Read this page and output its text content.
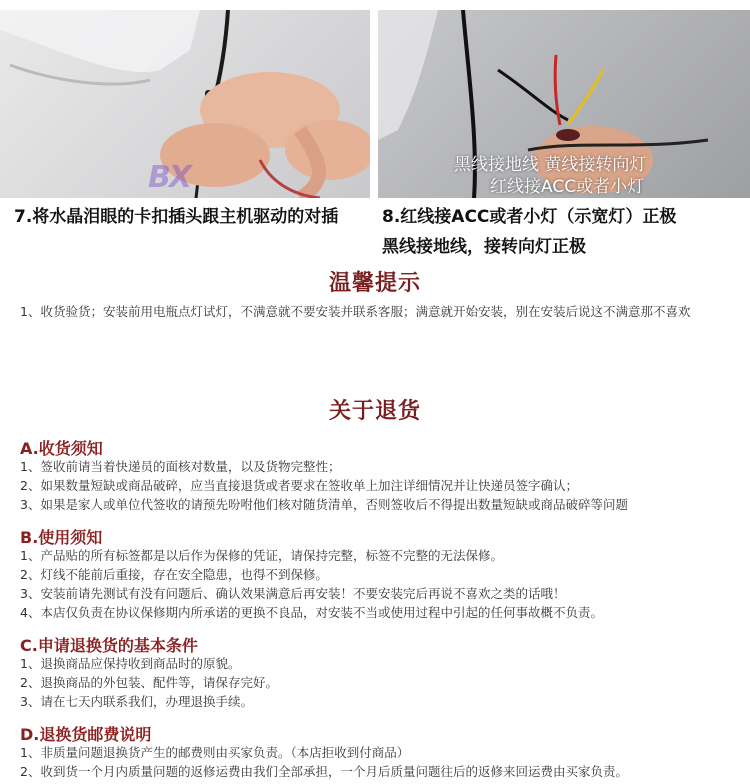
BX	黑线接地线 黄线接转向灯
红线接ACC或者小灯
7.将水晶泪眼的卡扣插头跟主机驱动的对插	8.红线接ACC或者小灯（示宽灯）正极
黑线接地线，接转向灯正极
温馨提示
1、收货验货；安装前用电瓶点灯试灯，不满意就不要安装并联系客服；满意就开始安装，别在安装后说这不满意那不喜欢
关于退货
A.收货须知
1、签收前请当着快递员的面核对数量，以及货物完整性；
2、如果数量短缺或商品破碎，应当直接退货或者要求在签收单上加注详细情况并让快递员签字确认；
3、如果是家人或单位代签收的请预先吩咐他们核对随货清单，否则签收后不得提出数量短缺或商品破碎等问题
B.使用须知
1、产品贴的所有标签都是以后作为保修的凭证，请保持完整，标签不完整的无法保修。
2、灯线不能前后重接，存在安全隐患，也得不到保修。
3、安装前请先测试有没有问题后、确认效果满意后再安装！不要安装完后再说不喜欢之类的话哦！
4、本店仅负责在协议保修期内所承诺的更换不良品，对安装不当或使用过程中引起的任何事故概不负责。
C.申请退换货的基本条件
1、退换商品应保持收到商品时的原貌。
2、退换商品的外包装、配件等，请保存完好。
3、请在七天内联系我们，办理退换手续。
D.退换货邮费说明
1、非质量问题退换货产生的邮费则由买家负责。（本店拒收到付商品）
2、收到货一个月内质量问题的返修运费由我们全部承担，一个月后质量问题往后的返修来回运费由买家负责。
